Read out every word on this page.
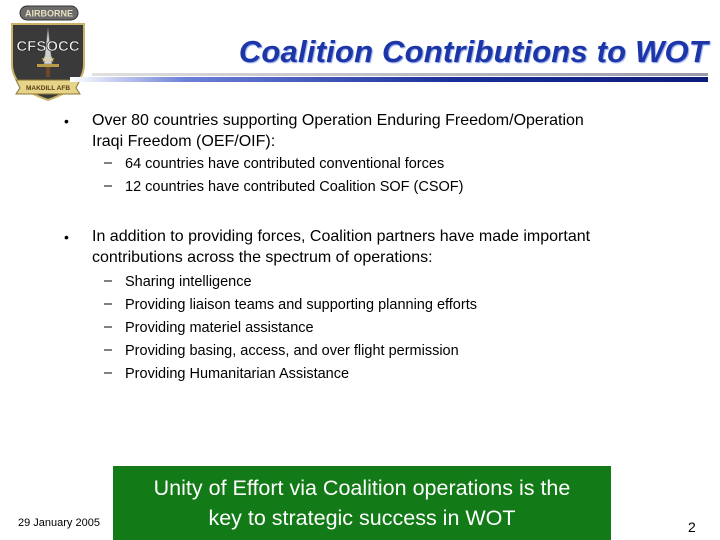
AIRBORNE
CFSOCC
★★
MAKDILL AFB
Coalition Contributions to WOT
• Over 80 countries supporting Operation Enduring Freedom/Operation
Iraqi Freedom (OEF/OIF):
– 64 countries have contributed conventional forces
– 12 countries have contributed Coalition SOF (CSOF)
• In addition to providing forces, Coalition partners have made important
contributions across the spectrum of operations:
– Sharing intelligence
– Providing liaison teams and supporting planning efforts
– Providing materiel assistance
– Providing basing, access, and over flight permission
– Providing Humanitarian Assistance
29 January 2005
Unity of Effort via Coalition operations is the
key to strategic success in WOT	2
